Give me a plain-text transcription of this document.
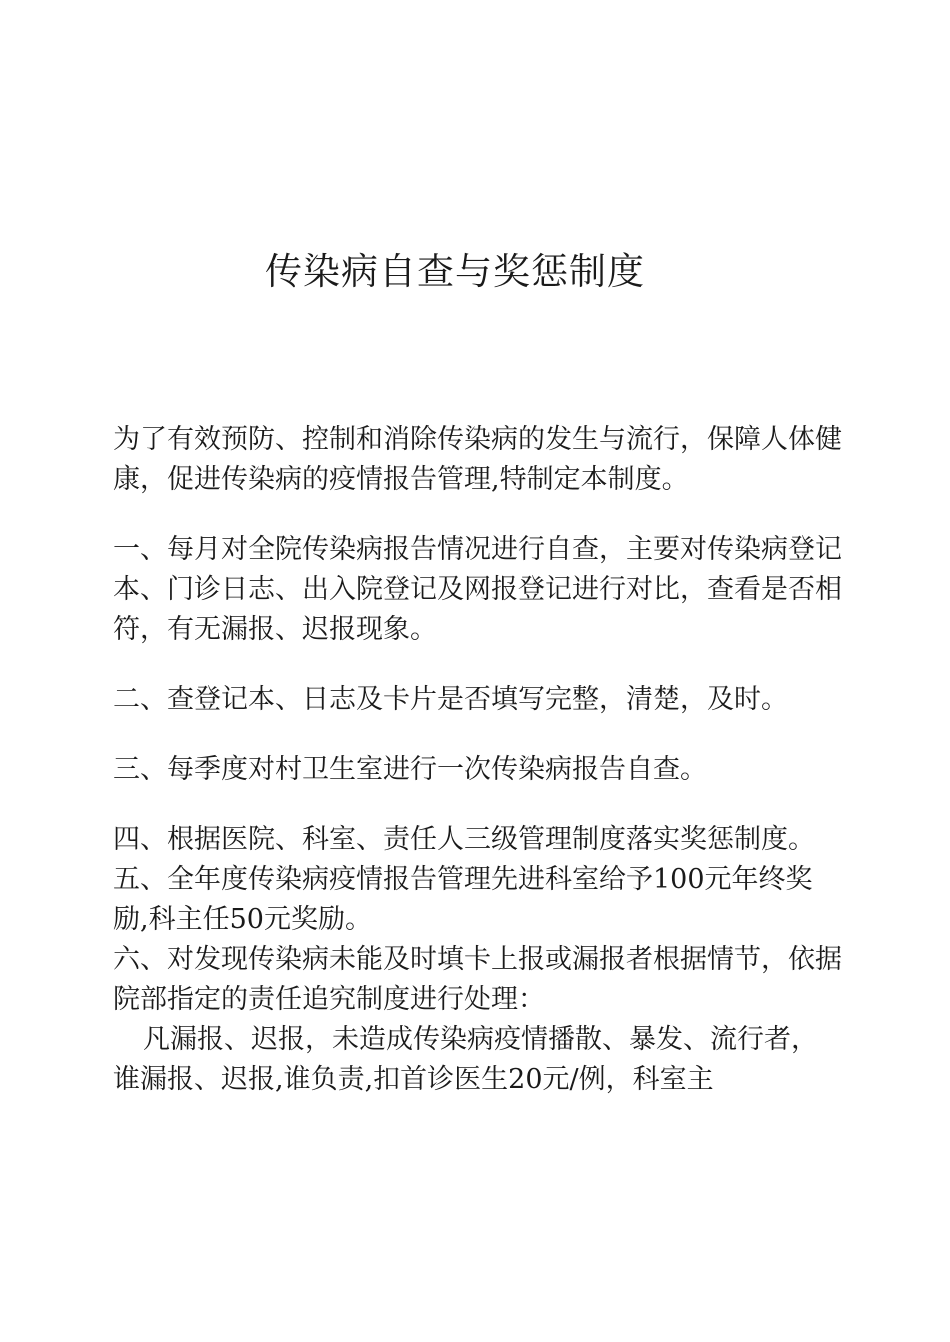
传染病自查与奖惩制度

为了有效预防、控制和消除传染病的发生与流行，保障人体健康，促进传染病的疫情报告管理,特制定本制度。

一、每月对全院传染病报告情况进行自查，主要对传染病登记本、门诊日志、出入院登记及网报登记进行对比，查看是否相符，有无漏报、迟报现象。

二、查登记本、日志及卡片是否填写完整，清楚，及时。

三、每季度对村卫生室进行一次传染病报告自查。

四、根据医院、科室、责任人三级管理制度落实奖惩制度。

五、全年度传染病疫情报告管理先进科室给予100元年终奖励,科主任50元奖励。

六、对发现传染病未能及时填卡上报或漏报者根据情节，依据院部指定的责任追究制度进行处理：

凡漏报、迟报，未造成传染病疫情播散、暴发、流行者，谁漏报、迟报,谁负责,扣首诊医生20元/例，科室主
